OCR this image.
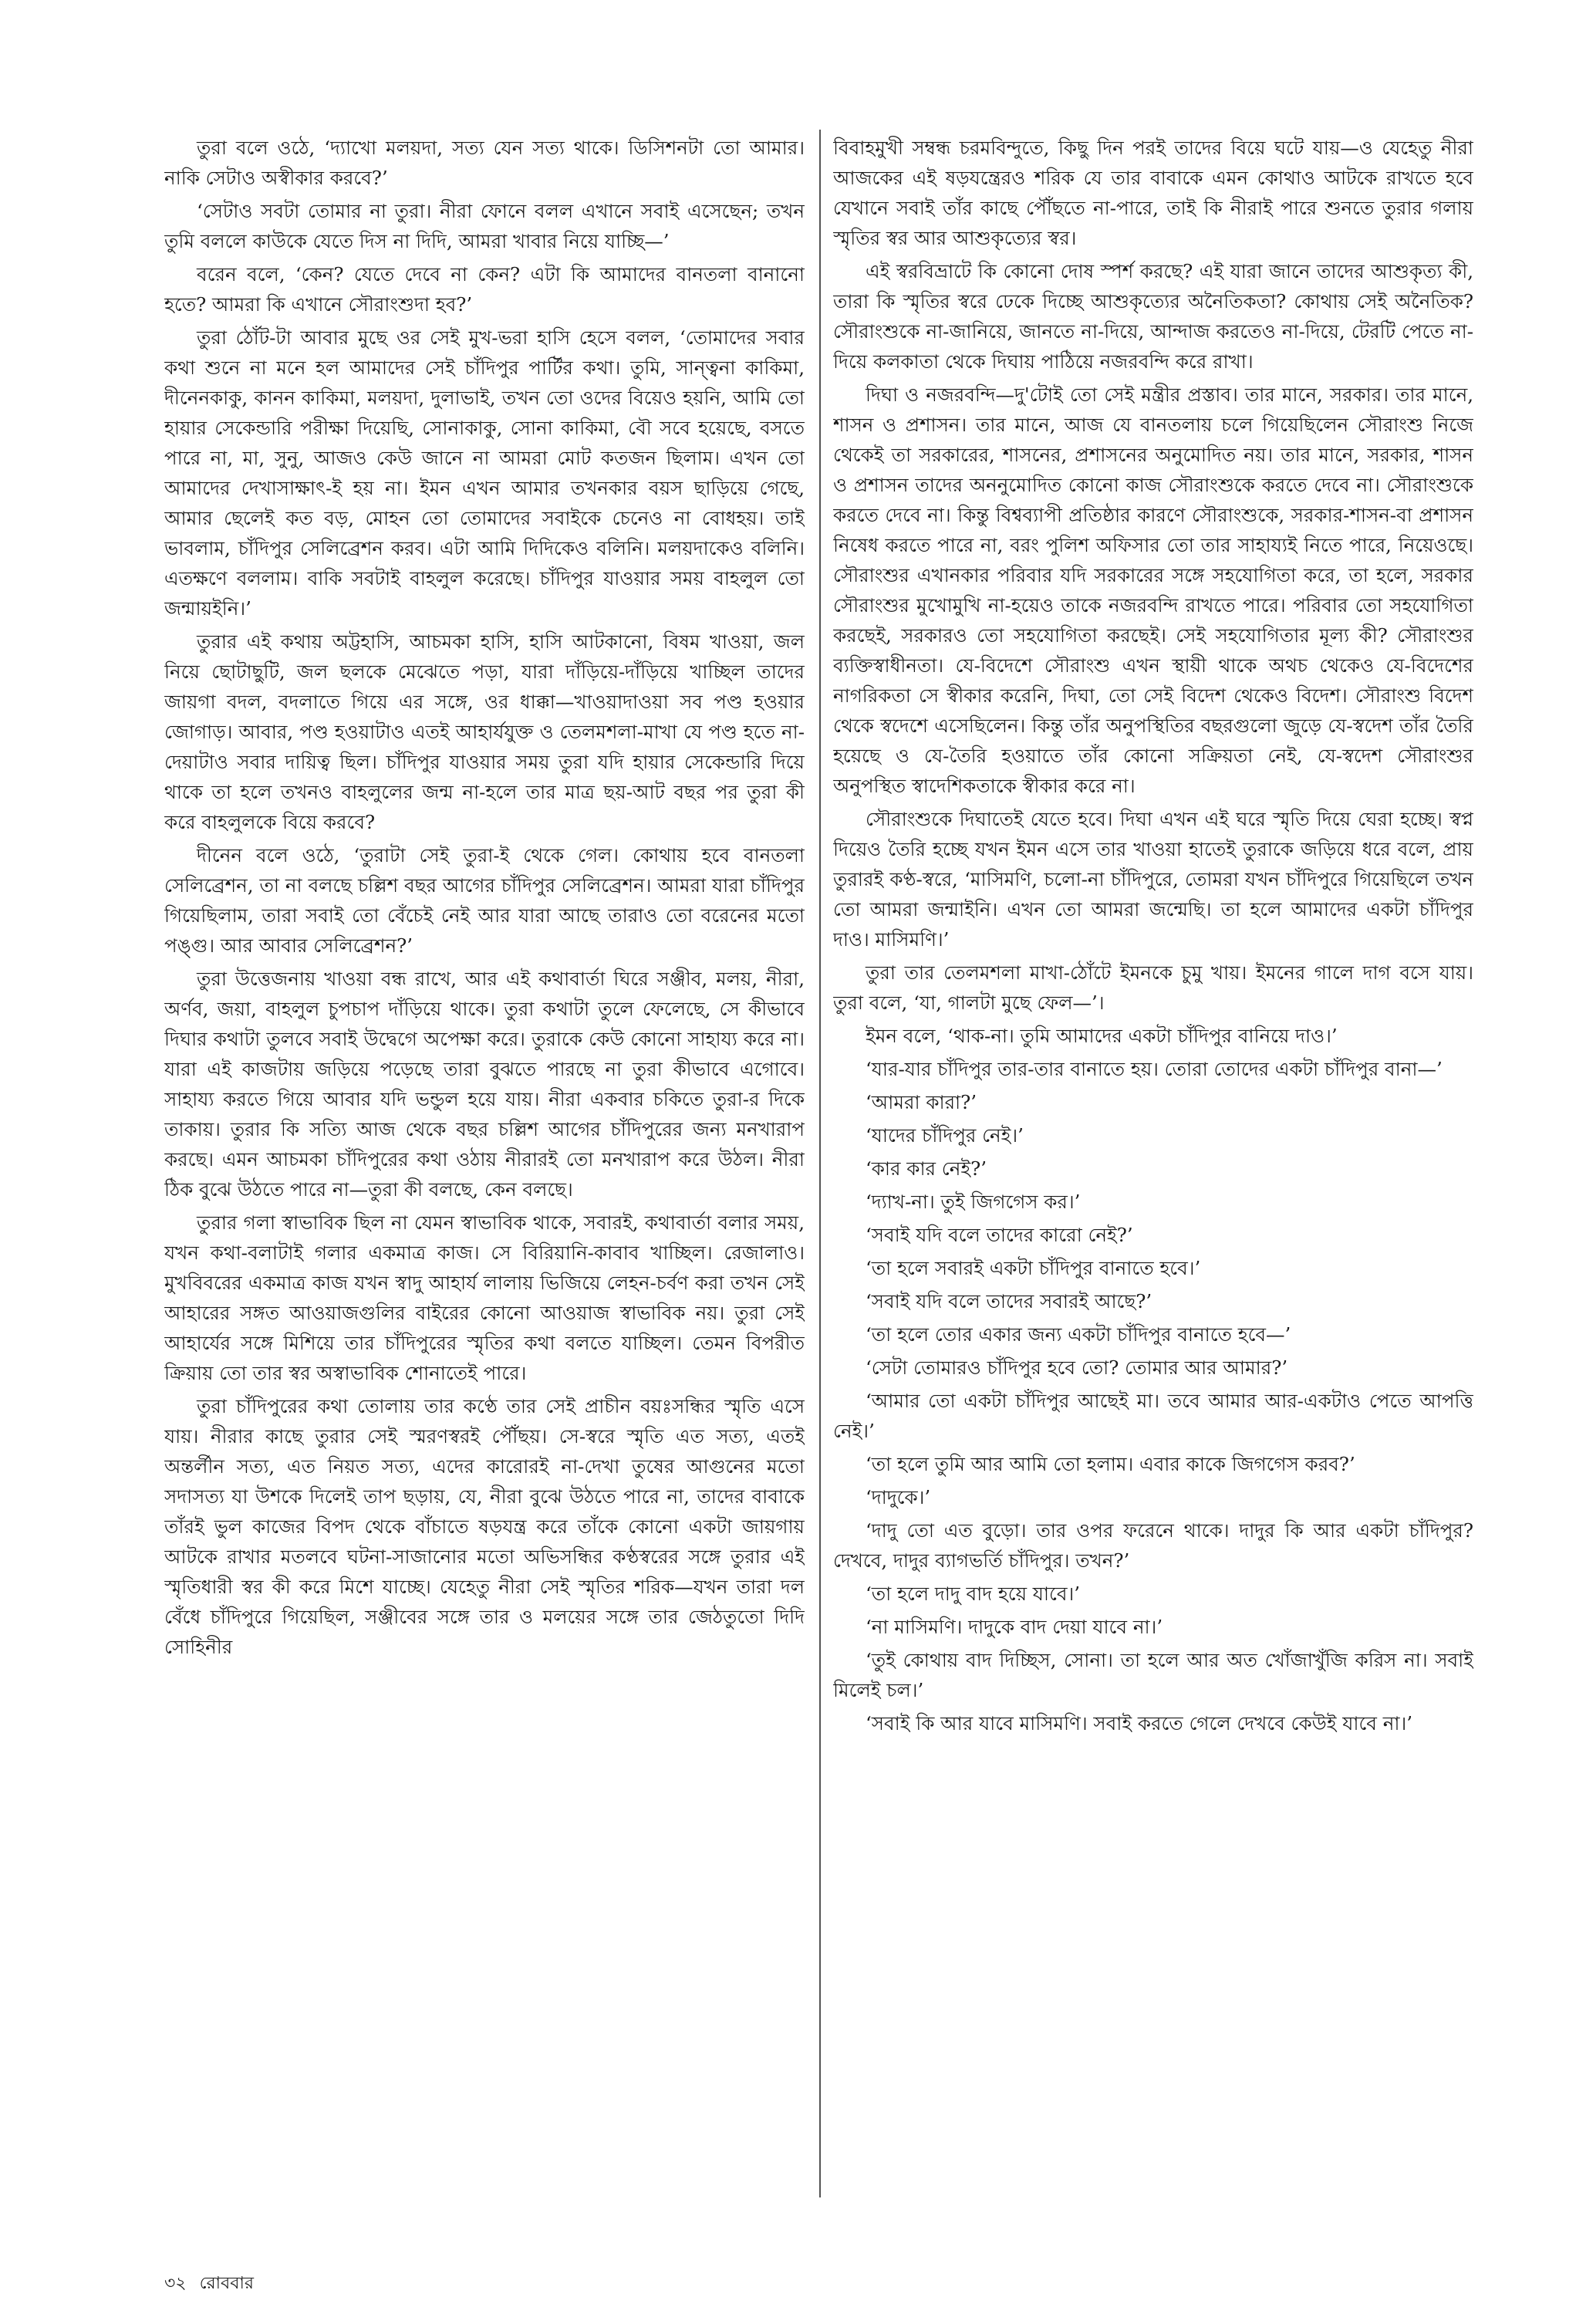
তুরা বলে ওঠে, ‘দ্যাখো মলয়দা, সত্য যেন সত্য থাকে। ডিসিশনটা তো আমার। নাকি সেটাও অস্বীকার করবে?’

‘সেটাও সবটা তোমার না তুরা। নীরা ফোনে বলল এখানে সবাই এসেছেন; তখন তুমি বললে কাউকে যেতে দিস না দিদি, আমরা খাবার নিয়ে যাচ্ছি—’

বরেন বলে, ‘কেন? যেতে দেবে না কেন? এটা কি আমাদের বানতলা বানানো হতে? আমরা কি এখানে সৌরাংশুদা হব?’

তুরা ঠোঁট-টা আবার মুছে ওর সেই মুখ-ভরা হাসি হেসে বলল, ‘তোমাদের সবার কথা শুনে না মনে হল আমাদের সেই চাঁদিপুর পার্টির কথা। তুমি, সান্ত্বনা কাকিমা, দীনেনকাকু, কানন কাকিমা, মলয়দা, দুলাভাই, তখন তো ওদের বিয়েও হয়নি, আমি তো হায়ার সেকেন্ডারি পরীক্ষা দিয়েছি, সোনাকাকু, সোনা কাকিমা, বৌ সবে হয়েছে, বসতে পারে না, মা, সুনু, আজও কেউ জানে না আমরা মোট কতজন ছিলাম। এখন তো আমাদের দেখাসাক্ষাৎ-ই হয় না। ইমন এখন আমার তখনকার বয়স ছাড়িয়ে গেছে, আমার ছেলেই কত বড়, মোহন তো তোমাদের সবাইকে চেনেও না বোধহয়। তাই ভাবলাম, চাঁদিপুর সেলিব্রেশন করব। এটা আমি দিদিকেও বলিনি। মলয়দাকেও বলিনি। এতক্ষণে বললাম। বাকি সবটাই বাহলুল করেছে। চাঁদিপুর যাওয়ার সময় বাহলুল তো জন্মায়ইনি।’

তুরার এই কথায় অট্টহাসি, আচমকা হাসি, হাসি আটকানো, বিষম খাওয়া, জল নিয়ে ছোটাছুটি, জল ছলকে মেঝেতে পড়া, যারা দাঁড়িয়ে-দাঁড়িয়ে খাচ্ছিল তাদের জায়গা বদল, বদলাতে গিয়ে এর সঙ্গে, ওর ধাক্কা—খাওয়াদাওয়া সব পণ্ড হওয়ার জোগাড়। আবার, পণ্ড হওয়াটাও এতই আহার্যযুক্ত ও তেলমশলা-মাখা যে পণ্ড হতে না-দেয়াটাও সবার দায়িত্ব ছিল। চাঁদিপুর যাওয়ার সময় তুরা যদি হায়ার সেকেন্ডারি দিয়ে থাকে তা হলে তখনও বাহলুলের জন্ম না-হলে তার মাত্র ছয়-আট বছর পর তুরা কী করে বাহলুলকে বিয়ে করবে?

দীনেন বলে ওঠে, ‘তুরাটা সেই তুরা-ই থেকে গেল। কোথায় হবে বানতলা সেলিব্রেশন, তা না বলছে চল্লিশ বছর আগের চাঁদিপুর সেলিব্রেশন। আমরা যারা চাঁদিপুর গিয়েছিলাম, তারা সবাই তো বেঁচেই নেই আর যারা আছে তারাও তো বরেনের মতো পঙ্গু। আর আবার সেলিব্রেশন?’

তুরা উত্তেজনায় খাওয়া বন্ধ রাখে, আর এই কথাবার্তা ঘিরে সঞ্জীব, মলয়, নীরা, অর্ণব, জয়া, বাহলুল চুপচাপ দাঁড়িয়ে থাকে। তুরা কথাটা তুলে ফেলেছে, সে কীভাবে দিঘার কথাটা তুলবে সবাই উদ্বেগে অপেক্ষা করে। তুরাকে কেউ কোনো সাহায্য করে না। যারা এই কাজটায় জড়িয়ে পড়েছে তারা বুঝতে পারছে না তুরা কীভাবে এগোবে। সাহায্য করতে গিয়ে আবার যদি ভন্ডুল হয়ে যায়। নীরা একবার চকিতে তুরা-র দিকে তাকায়। তুরার কি সত্যি আজ থেকে বছর চল্লিশ আগের চাঁদিপুরের জন্য মনখারাপ করছে। এমন আচমকা চাঁদিপুরের কথা ওঠায় নীরারই তো মনখারাপ করে উঠল। নীরা ঠিক বুঝে উঠতে পারে না—তুরা কী বলছে, কেন বলছে।

তুরার গলা স্বাভাবিক ছিল না যেমন স্বাভাবিক থাকে, সবারই, কথাবার্তা বলার সময়, যখন কথা-বলাটাই গলার একমাত্র কাজ। সে বিরিয়ানি-কাবাব খাচ্ছিল। রেজালাও। মুখবিবরের একমাত্র কাজ যখন স্বাদু আহার্য লালায় ভিজিয়ে লেহন-চর্বণ করা তখন সেই আহারের সঙ্গত আওয়াজগুলির বাইরের কোনো আওয়াজ স্বাভাবিক নয়। তুরা সেই আহার্যের সঙ্গে মিশিয়ে তার চাঁদিপুরের স্মৃতির কথা বলতে যাচ্ছিল। তেমন বিপরীত ক্রিয়ায় তো তার স্বর অস্বাভাবিক শোনাতেই পারে।

তুরা চাঁদিপুরের কথা তোলায় তার কণ্ঠে তার সেই প্রাচীন বয়ঃসন্ধির স্মৃতি এসে যায়। নীরার কাছে তুরার সেই স্মরণস্বরই পৌঁছয়। সে-স্বরে স্মৃতি এত সত্য, এতই অন্তর্লীন সত্য, এত নিয়ত সত্য, এদের কারোরই না-দেখা তুষের আগুনের মতো সদাসত্য যা উশকে দিলেই তাপ ছড়ায়, যে, নীরা বুঝে উঠতে পারে না, তাদের বাবাকে তাঁরই ভুল কাজের বিপদ থেকে বাঁচাতে ষড়যন্ত্র করে তাঁকে কোনো একটা জায়গায় আটকে রাখার মতলবে ঘটনা-সাজানোর মতো অভিসন্ধির কণ্ঠস্বরের সঙ্গে তুরার এই স্মৃতিধারী স্বর কী করে মিশে যাচ্ছে। যেহেতু নীরা সেই স্মৃতির শরিক—যখন তারা দল বেঁধে চাঁদিপুরে গিয়েছিল, সঞ্জীবের সঙ্গে তার ও মলয়ের সঙ্গে তার জেঠতুতো দিদি সোহিনীর

বিবাহমুখী সম্বন্ধ চরমবিন্দুতে, কিছু দিন পরই তাদের বিয়ে ঘটে যায়—ও যেহেতু নীরা আজকের এই ষড়যন্ত্রেরও শরিক যে তার বাবাকে এমন কোথাও আটকে রাখতে হবে যেখানে সবাই তাঁর কাছে পৌঁছতে না-পারে, তাই কি নীরাই পারে শুনতে তুরার গলায় স্মৃতির স্বর আর আশুকৃত্যের স্বর।

এই স্বরবিভ্রাটে কি কোনো দোষ স্পর্শ করছে? এই যারা জানে তাদের আশুকৃত্য কী, তারা কি স্মৃতির স্বরে ঢেকে দিচ্ছে আশুকৃত্যের অনৈতিকতা? কোথায় সেই অনৈতিক? সৌরাংশুকে না-জানিয়ে, জানতে না-দিয়ে, আন্দাজ করতেও না-দিয়ে, টেরটি পেতে না-দিয়ে কলকাতা থেকে দিঘায় পাঠিয়ে নজরবন্দি করে রাখা।

দিঘা ও নজরবন্দি—দু'টোই তো সেই মন্ত্রীর প্রস্তাব। তার মানে, সরকার। তার মানে, শাসন ও প্রশাসন। তার মানে, আজ যে বানতলায় চলে গিয়েছিলেন সৌরাংশু নিজে থেকেই তা সরকারের, শাসনের, প্রশাসনের অনুমোদিত নয়। তার মানে, সরকার, শাসন ও প্রশাসন তাদের অননুমোদিত কোনো কাজ সৌরাংশুকে করতে দেবে না। সৌরাংশুকে করতে দেবে না। কিন্তু বিশ্বব্যাপী প্রতিষ্ঠার কারণে সৌরাংশুকে, সরকার-শাসন-বা প্রশাসন নিষেধ করতে পারে না, বরং পুলিশ অফিসার তো তার সাহায্যই নিতে পারে, নিয়েওছে। সৌরাংশুর এখানকার পরিবার যদি সরকারের সঙ্গে সহযোগিতা করে, তা হলে, সরকার সৌরাংশুর মুখোমুখি না-হয়েও তাকে নজরবন্দি রাখতে পারে। পরিবার তো সহযোগিতা করছেই, সরকারও তো সহযোগিতা করছেই। সেই সহযোগিতার মূল্য কী? সৌরাংশুর ব্যক্তিস্বাধীনতা। যে-বিদেশে সৌরাংশু এখন স্থায়ী থাকে অথচ থেকেও যে-বিদেশের নাগরিকতা সে স্বীকার করেনি, দিঘা, তো সেই বিদেশ থেকেও বিদেশ। সৌরাংশু বিদেশ থেকে স্বদেশে এসেছিলেন। কিন্তু তাঁর অনুপস্থিতির বছরগুলো জুড়ে যে-স্বদেশ তাঁর তৈরি হয়েছে ও যে-তৈরি হওয়াতে তাঁর কোনো সক্রিয়তা নেই, যে-স্বদেশ সৌরাংশুর অনুপস্থিত স্বাদেশিকতাকে স্বীকার করে না।

সৌরাংশুকে দিঘাতেই যেতে হবে। দিঘা এখন এই ঘরে স্মৃতি দিয়ে ঘেরা হচ্ছে। স্বপ্ন দিয়েও তৈরি হচ্ছে যখন ইমন এসে তার খাওয়া হাতেই তুরাকে জড়িয়ে ধরে বলে, প্রায় তুরারই কণ্ঠ-স্বরে, ‘মাসিমণি, চলো-না চাঁদিপুরে, তোমরা যখন চাঁদিপুরে গিয়েছিলে তখন তো আমরা জন্মাইনি। এখন তো আমরা জন্মেছি। তা হলে আমাদের একটা চাঁদিপুর দাও। মাসিমণি।’

তুরা তার তেলমশলা মাখা-ঠোঁটে ইমনকে চুমু খায়। ইমনের গালে দাগ বসে যায়। তুরা বলে, ‘যা, গালটা মুছে ফেল—’।

ইমন বলে, ‘থাক-না। তুমি আমাদের একটা চাঁদিপুর বানিয়ে দাও।’

‘যার-যার চাঁদিপুর তার-তার বানাতে হয়। তোরা তোদের একটা চাঁদিপুর বানা—’

‘আমরা কারা?’

‘যাদের চাঁদিপুর নেই।’

‘কার কার নেই?’

‘দ্যাখ-না। তুই জিগগেস কর।’

‘সবাই যদি বলে তাদের কারো নেই?’

‘তা হলে সবারই একটা চাঁদিপুর বানাতে হবে।’

‘সবাই যদি বলে তাদের সবারই আছে?’

‘তা হলে তোর একার জন্য একটা চাঁদিপুর বানাতে হবে—’

‘সেটা তোমারও চাঁদিপুর হবে তো? তোমার আর আমার?’

‘আমার তো একটা চাঁদিপুর আছেই মা। তবে আমার আর-একটাও পেতে আপত্তি নেই।’

‘তা হলে তুমি আর আমি তো হলাম। এবার কাকে জিগগেস করব?’

‘দাদুকে।’

‘দাদু তো এত বুড়ো। তার ওপর ফরেনে থাকে। দাদুর কি আর একটা চাঁদিপুর? দেখবে, দাদুর ব্যাগভর্তি চাঁদিপুর। তখন?’

‘তা হলে দাদু বাদ হয়ে যাবে।’

‘না মাসিমণি। দাদুকে বাদ দেয়া যাবে না।’

‘তুই কোথায় বাদ দিচ্ছিস, সোনা। তা হলে আর অত খোঁজাখুঁজি করিস না। সবাই মিলেই চল।’

‘সবাই কি আর যাবে মাসিমণি। সবাই করতে গেলে দেখবে কেউই যাবে না।’

৩২ রোববার
